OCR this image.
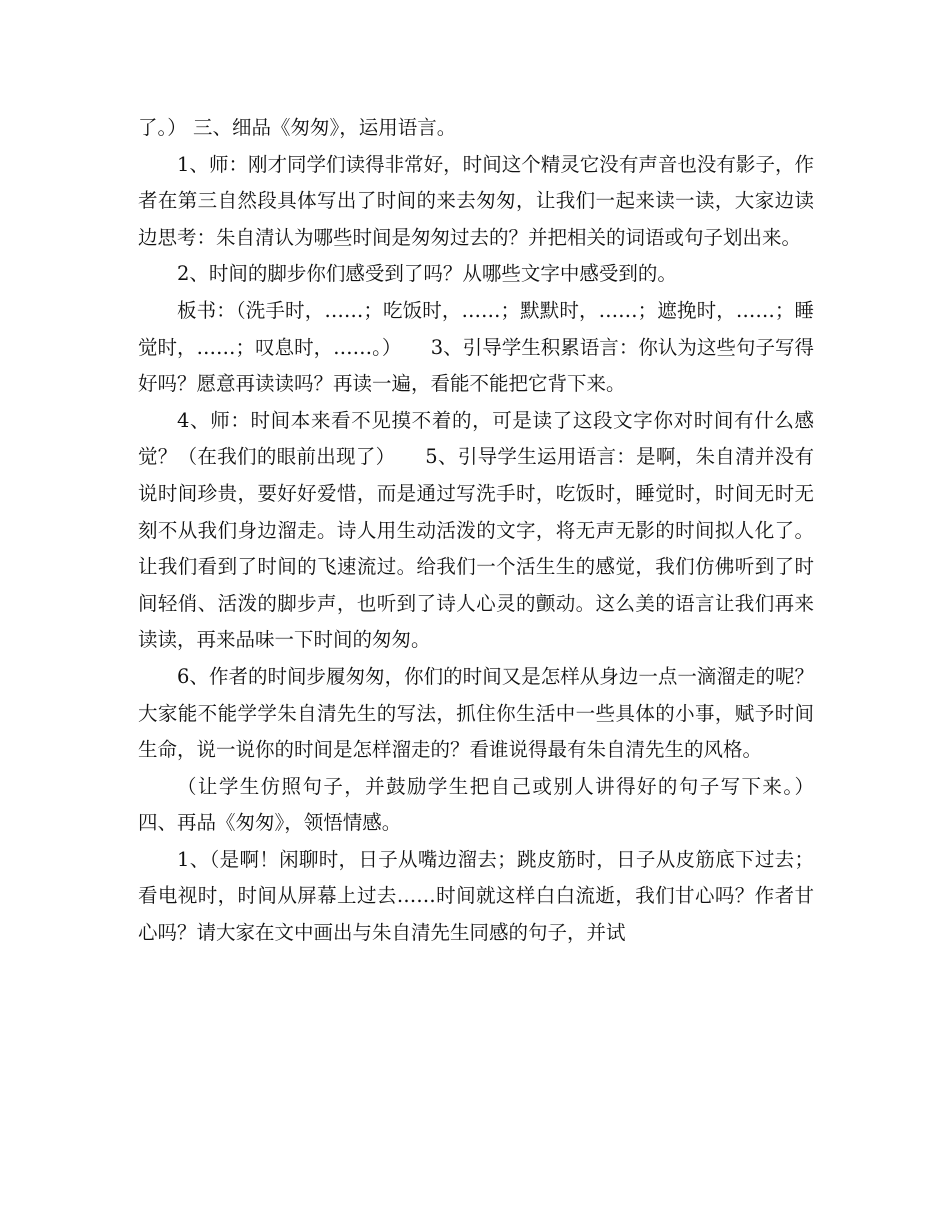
了。） 三、细品《匆匆》，运用语言。

1、师：刚才同学们读得非常好，时间这个精灵它没有声音也没有影子，作者在第三自然段具体写出了时间的来去匆匆，让我们一起来读一读，大家边读边思考：朱自清认为哪些时间是匆匆过去的？并把相关的词语或句子划出来。

2、时间的脚步你们感受到了吗？从哪些文字中感受到的。

板书：（洗手时，……；吃饭时，……；默默时，……；遮挽时，……；睡觉时，……；叹息时，……。）　　3、引导学生积累语言：你认为这些句子写得好吗？愿意再读读吗？再读一遍，看能不能把它背下来。

4、师：时间本来看不见摸不着的，可是读了这段文字你对时间有什么感觉？（在我们的眼前出现了）　　5、引导学生运用语言：是啊，朱自清并没有说时间珍贵，要好好爱惜，而是通过写洗手时，吃饭时，睡觉时，时间无时无刻不从我们身边溜走。诗人用生动活泼的文字，将无声无影的时间拟人化了。让我们看到了时间的飞速流过。给我们一个活生生的感觉，我们仿佛听到了时间轻俏、活泼的脚步声，也听到了诗人心灵的颤动。这么美的语言让我们再来读读，再来品味一下时间的匆匆。

6、作者的时间步履匆匆，你们的时间又是怎样从身边一点一滴溜走的呢？大家能不能学学朱自清先生的写法，抓住你生活中一些具体的小事，赋予时间生命，说一说你的时间是怎样溜走的？看谁说得最有朱自清先生的风格。

（让学生仿照句子，并鼓励学生把自己或别人讲得好的句子写下来。） 四、再品《匆匆》，领悟情感。

1、（是啊！闲聊时，日子从嘴边溜去；跳皮筋时，日子从皮筋底下过去；看电视时，时间从屏幕上过去……时间就这样白白流逝，我们甘心吗？作者甘心吗？请大家在文中画出与朱自清先生同感的句子，并试
